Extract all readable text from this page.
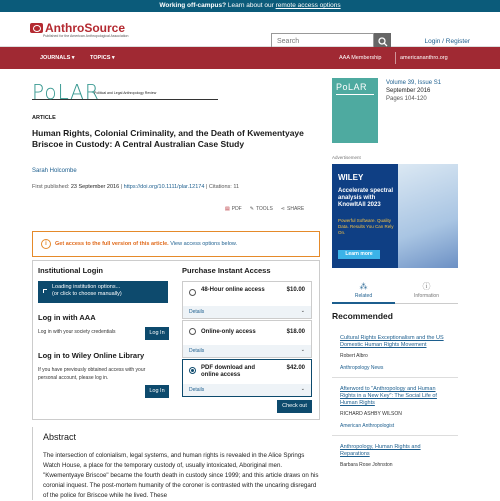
Working off-campus? Learn about our remote access options
AnthroSource
Published for the American Anthropological Association
Search	Login / Register
JOURNALS ▾	TOPICS ▾	AAA Membership	americananthro.org
PoLAR
Political and Legal Anthropology Review
ARTICLE
Human Rights, Colonial Criminality, and the Death of Kwementyaye Briscoe in Custody: A Central Australian Case Study
Sarah Holcombe
First published: 23 September 2016 | https://doi.org/10.1111/plar.12174 | Citations: 11
▤ PDF ✎ TOOLS ⋖ SHARE
i	Get access to the full version of this article. View access options below.
Institutional Login
Loading institution options...
(or click to choose manually)
Log in with AAA
Log in with your society credentials	Log In
Log in to Wiley Online Library
If you have previously obtained access with your
personal account, please log in.
Log In
Purchase Instant Access
48-Hour online access	$10.00
Details	⌄
Online-only access	$18.00
Details	⌄
PDF download and online access
$42.00
Details	⌄
Check out
Abstract

The intersection of colonialism, legal systems, and human rights is revealed in the Alice Springs Watch House, a place for the temporary custody of, usually intoxicated, Aboriginal men. "Kwementyaye Briscoe" became the fourth death in custody since 1999; and this article draws on his coronial inquest. The post-mortem humanity of the coroner is contrasted with the uncaring disregard of the police for Briscoe while he lived. These

PoLAR	Volume 39, Issue S1
September 2016
Pages 104-120
Advertisement
WILEY
Accelerate spectral analysis with KnowItAll 2023
Powerful Software. Quality Data. Results You Can Rely On.
Learn more
⁂
Related
ⓘ
Information
Recommended
Cultural Rights Exceptionalism and the US Domestic Human Rights Movement
Robert Albro
Anthropology News
Afterword to "Anthropology and Human Rights in a New Key": The Social Life of Human Rights
RICHARD ASHBY WILSON
American Anthropologist
Anthropology, Human Rights and Reparations
Barbara Rose Johnston
